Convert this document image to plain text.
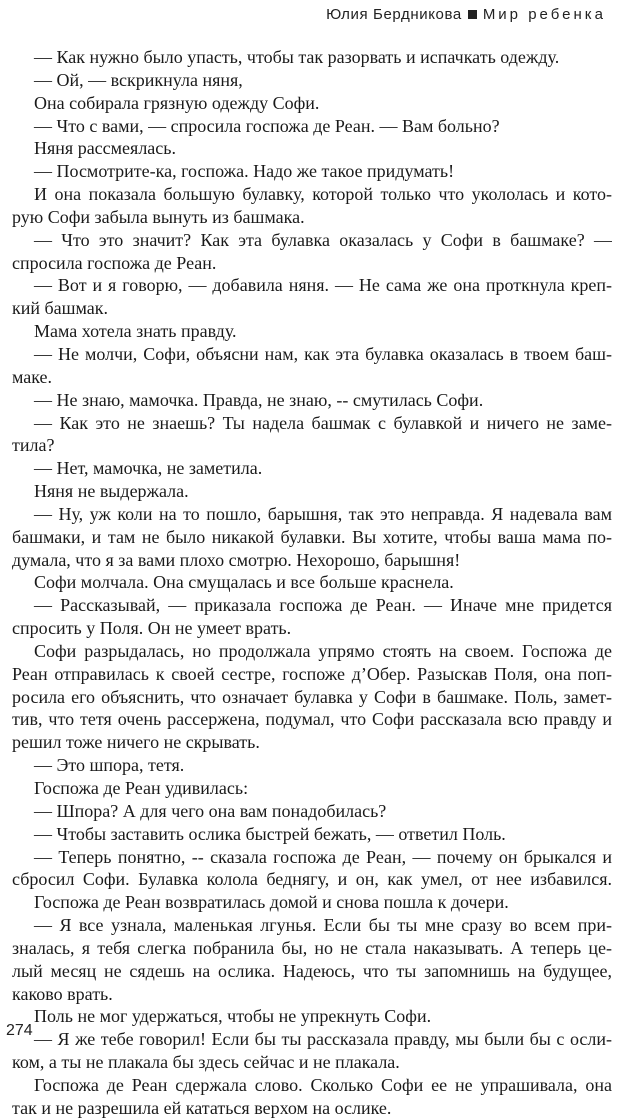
Юлия Бердникова Мир ребенка
— Как нужно было упасть, чтобы так разорвать и испачкать одежду.
— Ой, — вскрикнула няня,
Она собирала грязную одежду Софи.
— Что с вами, — спросила госпожа де Реан. — Вам больно?
Няня рассмеялась.
— Посмотрите-ка, госпожа. Надо же такое придумать!
И она показала большую булавку, которой только что укололась и кото-
рую Софи забыла вынуть из башмака.
— Что это значит? Как эта булавка оказалась у Софи в башмаке? —
спросила госпожа де Реан.
— Вот и я говорю, — добавила няня. — Не сама же она проткнула креп-
кий башмак.
Мама хотела знать правду.
— Не молчи, Софи, объясни нам, как эта булавка оказалась в твоем баш-
маке.
— Не знаю, мамочка. Правда, не знаю, -- смутилась Софи.
— Как это не знаешь? Ты надела башмак с булавкой и ничего не заме-
тила?
— Нет, мамочка, не заметила.
Няня не выдержала.
— Ну, уж коли на то пошло, барышня, так это неправда. Я надевала вам
башмаки, и там не было никакой булавки. Вы хотите, чтобы ваша мама по-
думала, что я за вами плохо смотрю. Нехорошо, барышня!
Софи молчала. Она смущалась и все больше краснела.
— Рассказывай, — приказала госпожа де Реан. — Иначе мне придется
спросить у Поля. Он не умеет врать.
Софи разрыдалась, но продолжала упрямо стоять на своем. Госпожа де
Реан отправилась к своей сестре, госпоже д’Обер. Разыскав Поля, она поп-
росила его объяснить, что означает булавка у Софи в башмаке. Поль, замет-
тив, что тетя очень рассержена, подумал, что Софи рассказала всю правду и
решил тоже ничего не скрывать.
— Это шпора, тетя.
Госпожа де Реан удивилась:
— Шпора? А для чего она вам понадобилась?
— Чтобы заставить ослика быстрей бежать, — ответил Поль.
— Теперь понятно, -- сказала госпожа де Реан, — почему он брыкался и
сбросил Софи. Булавка колола беднягу, и он, как умел, от нее избавился.
Госпожа де Реан возвратилась домой и снова пошла к дочери.
— Я все узнала, маленькая лгунья. Если бы ты мне сразу во всем при-
зналась, я тебя слегка побранила бы, но не стала наказывать. А теперь це-
лый месяц не сядешь на ослика. Надеюсь, что ты запомнишь на будущее,
каково врать.
Поль не мог удержаться, чтобы не упрекнуть Софи.
— Я же тебе говорил! Если бы ты рассказала правду, мы были бы с осли-
ком, а ты не плакала бы здесь сейчас и не плакала.
Госпожа де Реан сдержала слово. Сколько Софи ее не упрашивала, она
так и не разрешила ей кататься верхом на ослике.
274
